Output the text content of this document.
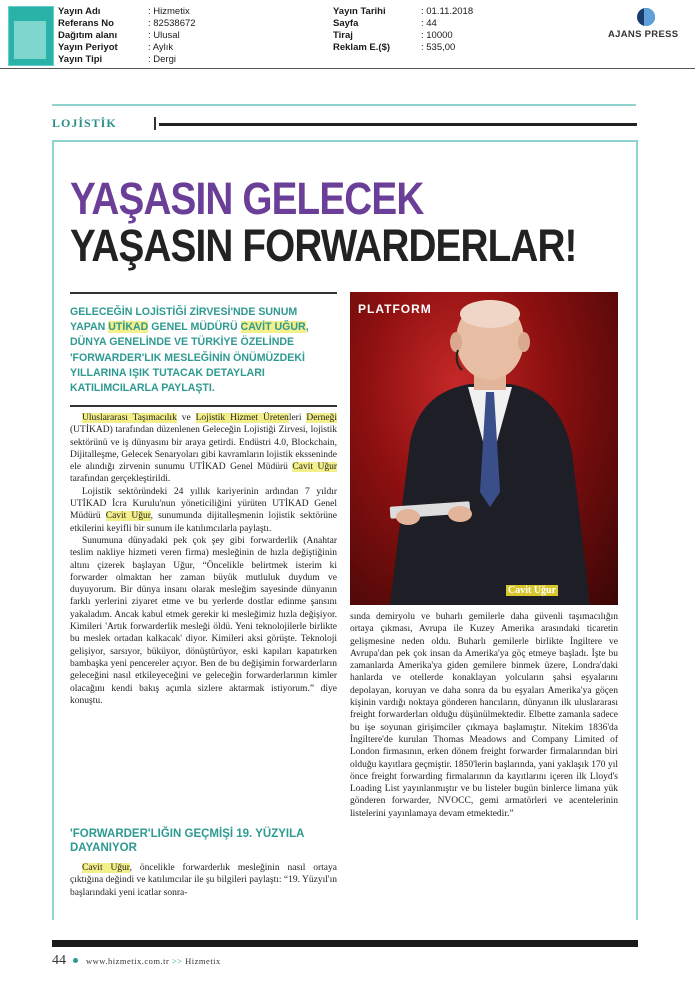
Yayın Adı
Referans No
Dağıtım alanı
Yayın Periyot
Yayın Tipi
: Hizmetix
: 82538672
: Ulusal
: Aylık
: Dergi
Yayın Tarihi
Sayfa
Tiraj
Reklam E.($)
: 01.11.2018
: 44
: 10000
: 535,00
AJANS PRESS
LOJİSTİK
YAŞASIN GELECEK
YAŞASIN FORWARDERLAR!
GELECEĞİN LOJİSTİĞİ ZİRVESİ'NDE SUNUM YAPAN UTİKAD GENEL MÜDÜRÜ CAVİT UĞUR, DÜNYA GENELİNDE VE TÜRKİYE ÖZELİNDE 'FORWARDER'LIK MESLEĞİNİN ÖNÜMÜZDEKİ YILLARINA IŞIK TUTACAK DETAYLARI KATILIMCILARLA PAYLAŞTI.
PLATFORM
Cavit Uğur

Uluslararası Taşımacılık ve Lojistik Hizmet Üretenleri Derneği (UTİKAD) tarafından düzenlenen Geleceğin Lojistiği Zirvesi, lojistik sektörünü ve iş dünyasını bir araya getirdi. Endüstri 4.0, Blockchain, Dijitalleşme, Gelecek Senaryoları gibi kavramların lojistik eksseninde ele alındığı zirvenin sunumu UTİKAD Genel Müdürü Cavit Uğur tarafından gerçekleştirildi.

Lojistik sektöründeki 24 yıllık kariyerinin ardından 7 yıldır UTİKAD İcra Kurulu'nun yöneticiliğini yürüten UTİKAD Genel Müdürü Cavit Uğur, sunumunda dijitalleşmenin lojistik sektörüne etkilerini keyifli bir sunum ile katılımcılarla paylaştı.

Sunumuna dünyadaki pek çok şey gibi forwarderlik (Anahtar teslim nakliye hizmeti veren firma) mesleğinin de hızla değiştiğinin altını çizerek başlayan Uğur, “Öncelikle belirtmek isterim ki forwarder olmaktan her zaman büyük mutluluk duydum ve duyuyorum. Bir dünya insanı olarak mesleğim sayesinde dünyanın farklı yerlerini ziyaret etme ve bu yerlerde dostlar edinme şansını yakaladım. Ancak kabul etmek gerekir ki mesleğimiz hızla değişiyor. Kimileri 'Artık forwarderlik mesleği öldü. Yeni teknolojilerle birlikte bu meslek ortadan kalkacak' diyor. Kimileri aksi görüşte. Teknoloji gelişiyor, sarsıyor, büküyor, dönüştürüyor, eski kapıları kapatırken bambaşka yeni pencereler açıyor. Ben de bu değişimin forwarderların geleceğini nasıl etkileyeceğini ve geleceğin forwarderlarının kimler olacağını kendi bakış açımla sizlere aktarmak istiyorum.” diye konuştu.

'FORWARDER'LIĞIN GEÇMİŞİ 19. YÜZYILA DAYANIYOR

Cavit Uğur, öncelikle forwarderlık mesleğinin nasıl ortaya çıktığına değindi ve katılımcılar ile şu bilgileri paylaştı: “19. Yüzyıl'ın başlarındaki yeni icatlar sonra-

sında demiryolu ve buharlı gemilerle daha güvenli taşımacılığın ortaya çıkması, Avrupa ile Kuzey Amerika arasındaki ticaretin gelişmesine neden oldu. Buharlı gemilerle birlikte İngiltere ve Avrupa'dan pek çok insan da Amerika'ya göç etmeye başladı. İşte bu zamanlarda Amerika'ya giden gemilere binmek üzere, Londra'daki hanlarda ve otellerde konaklayan yolcuların şahsi eşyalarını depolayan, koruyan ve daha sonra da bu eşyaları Amerika'ya göçen kişinin vardığı noktaya gönderen hancıların, dünyanın ilk uluslararası freight forwarderları olduğu düşünülmektedir. Elbette zamanla sadece bu işe soyunan girişimciler çıkmaya başlamıştır. Nitekim 1836'da İngiltere'de kurulan Thomas Meadows and Company Limited of London firmasının, erken dönem freight forwarder firmalarından biri olduğu kayıtlara geçmiştir. 1850'lerin başlarında, yani yaklaşık 170 yıl önce freight forwarding firmalarının da kayıtlarını içeren ilk Lloyd's Loading List yayınlanmıştır ve bu listeler bugün binlerce limana yük gönderen forwarder, NVOCC, gemi armatörleri ve acentelerinin listelerini yayınlamaya devam etmektedir.”

44 www.hizmetix.com.tr >> Hizmetix
